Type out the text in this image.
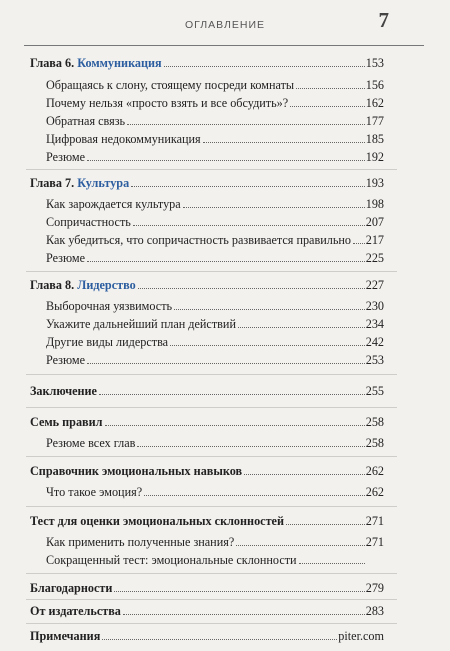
ОГЛАВЛЕНИЕ	7
Глава 6. Коммуникация	153
Обращаясь к слону, стоящему посреди комнаты	156
Почему нельзя «просто взять и все обсудить»?	162
Обратная связь	177
Цифровая недокоммуникация	185
Резюме	192
Глава 7. Культура	193
Как зарождается культура	198
Сопричастность	207
Как убедиться, что сопричастность развивается правильно 217
Резюме	225
Глава 8. Лидерство	227
Выборочная уязвимость	230
Укажите дальнейший план действий	234
Другие виды лидерства	242
Резюме	253
Заключение	255
Семь правил	258
Резюме всех глав	258
Справочник эмоциональных навыков	262
Что такое эмоция?	262
Тест для оценки эмоциональных склонностей	271
Как применить полученные знания?	271
Сокращенный тест: эмоциональные склонности
Благодарности	279
От издательства	283
Примечания	piter.com
